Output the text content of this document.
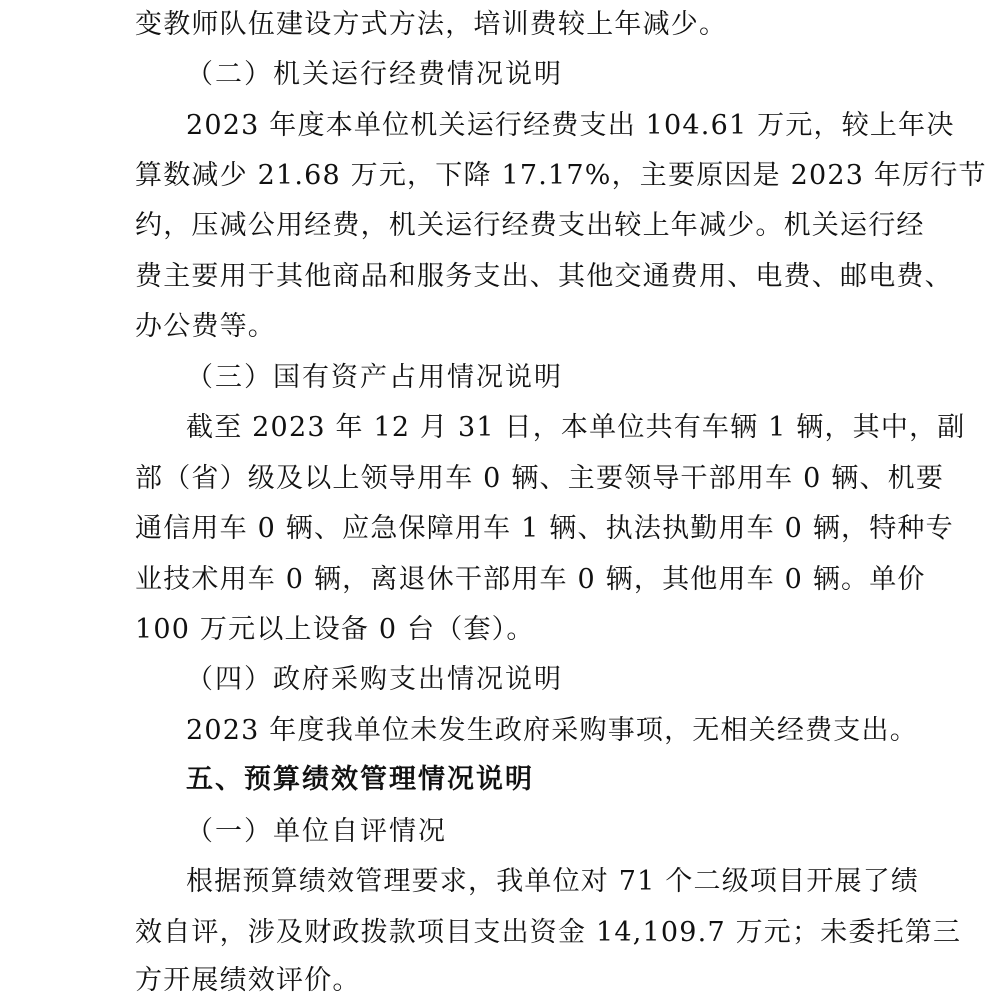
变教师队伍建设方式方法，培训费较上年减少。
（二）机关运行经费情况说明
2023 年度本单位机关运行经费支出 104.61 万元，较上年决
算数减少 21.68 万元，下降 17.17%，主要原因是 2023 年厉行节
约，压减公用经费，机关运行经费支出较上年减少。机关运行经
费主要用于其他商品和服务支出、其他交通费用、电费、邮电费、
办公费等。
（三）国有资产占用情况说明
截至 2023 年 12 月 31 日，本单位共有车辆 1 辆，其中，副
部（省）级及以上领导用车 0 辆、主要领导干部用车 0 辆、机要
通信用车 0 辆、应急保障用车 1 辆、执法执勤用车 0 辆，特种专
业技术用车 0 辆，离退休干部用车 0 辆，其他用车 0 辆。单价
100 万元以上设备 0 台（套）。
（四）政府采购支出情况说明
2023 年度我单位未发生政府采购事项，无相关经费支出。
五、预算绩效管理情况说明
（一）单位自评情况
根据预算绩效管理要求，我单位对 71 个二级项目开展了绩
效自评，涉及财政拨款项目支出资金 14,109.7 万元；未委托第三
方开展绩效评价。
